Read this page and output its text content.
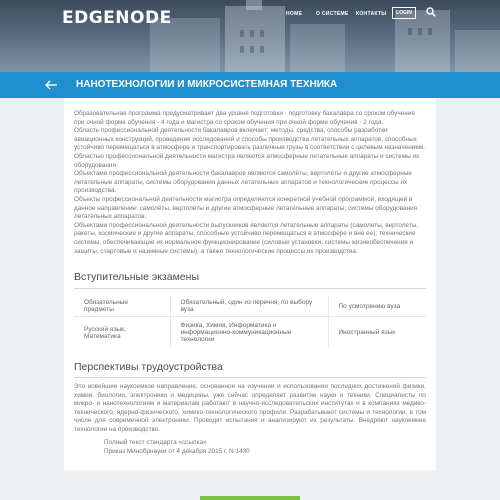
EDGENODE	HOME	О СИСТЕМЕ КОНТАКТЫ	LOGIN
НАНОТЕХНОЛОГИИ И МИКРОСИСТЕМНАЯ ТЕХНИКА

Образовательная программа предусматривает два уровня подготовки - подготовку бакалавра со сроком обучения при очной форме обучения - 4 года и магистра со сроком обучения при очной форме обучения - 2 года.

Область профессиональной деятельности бакалавров включает: методы, средства, способы разработки авиационных конструкций, проведение исследований и способы производства летательных аппаратов, способных устойчиво перемещаться в атмосфере и транспортировать различные грузы в соответствии с целевым назначением.

Областью профессиональной деятельности магистра являются атмосферные летательные аппараты и системы их оборудования.

Объектами профессиональной деятельности бакалавров являются самолёты, вертолёты и другие атмосферные летательные аппараты, системы оборудования данных летательных аппаратов и технологические процессы их производства.

Объекты профессиональной деятельности магистра определяются конкретной учебной программой, входящей в данное направление: самолёты, вертолёты и другие атмосферные летательные аппараты; системы оборудования летательных аппаратов.

Объектами профессиональной деятельности выпускников являются летательные аппараты (самолеты, вертолеты, ракеты, космические и другие аппараты, способные устойчиво перемещаться в атмосфере и вне ее); технические системы, обеспечивающие их нормальное функционирование (силовые установки, системы жизнеобеспечения и защиты, стартовые и наземные системы), а также технологические процессы их производства.

Вступительные экзамены
Обязательные предметы	Обязательный, один из перечня, по выбору вуза	По усмотрению вуза
Русский язык, Математика	Физика, Химия, Информатика и информационно-коммуникационные технологии	Иностранный язык
Перспективы трудоустройства
Это новейшее наукоемкое направление, основанное на изучении и использовании последних достижений физики, химии, биологии, электроники и медицины, уже сейчас определяет развитие науки и техники. Специалисты по микро- и нанотехнологиям и материалам работают в научно-исследовательских институтах и в компаниях медико-технического, ядерно-физического, химико-технологического профиля. Разрабатывают системы и технологии, в том числе для современной электроники. Проводят испытания и анализируют их результаты. Внедряют наукоемкие технологии на производство.
Полный текст стандарта «ссылка»
Приказ Минобрнауки от 4 декабря 2015 г. N 1430
